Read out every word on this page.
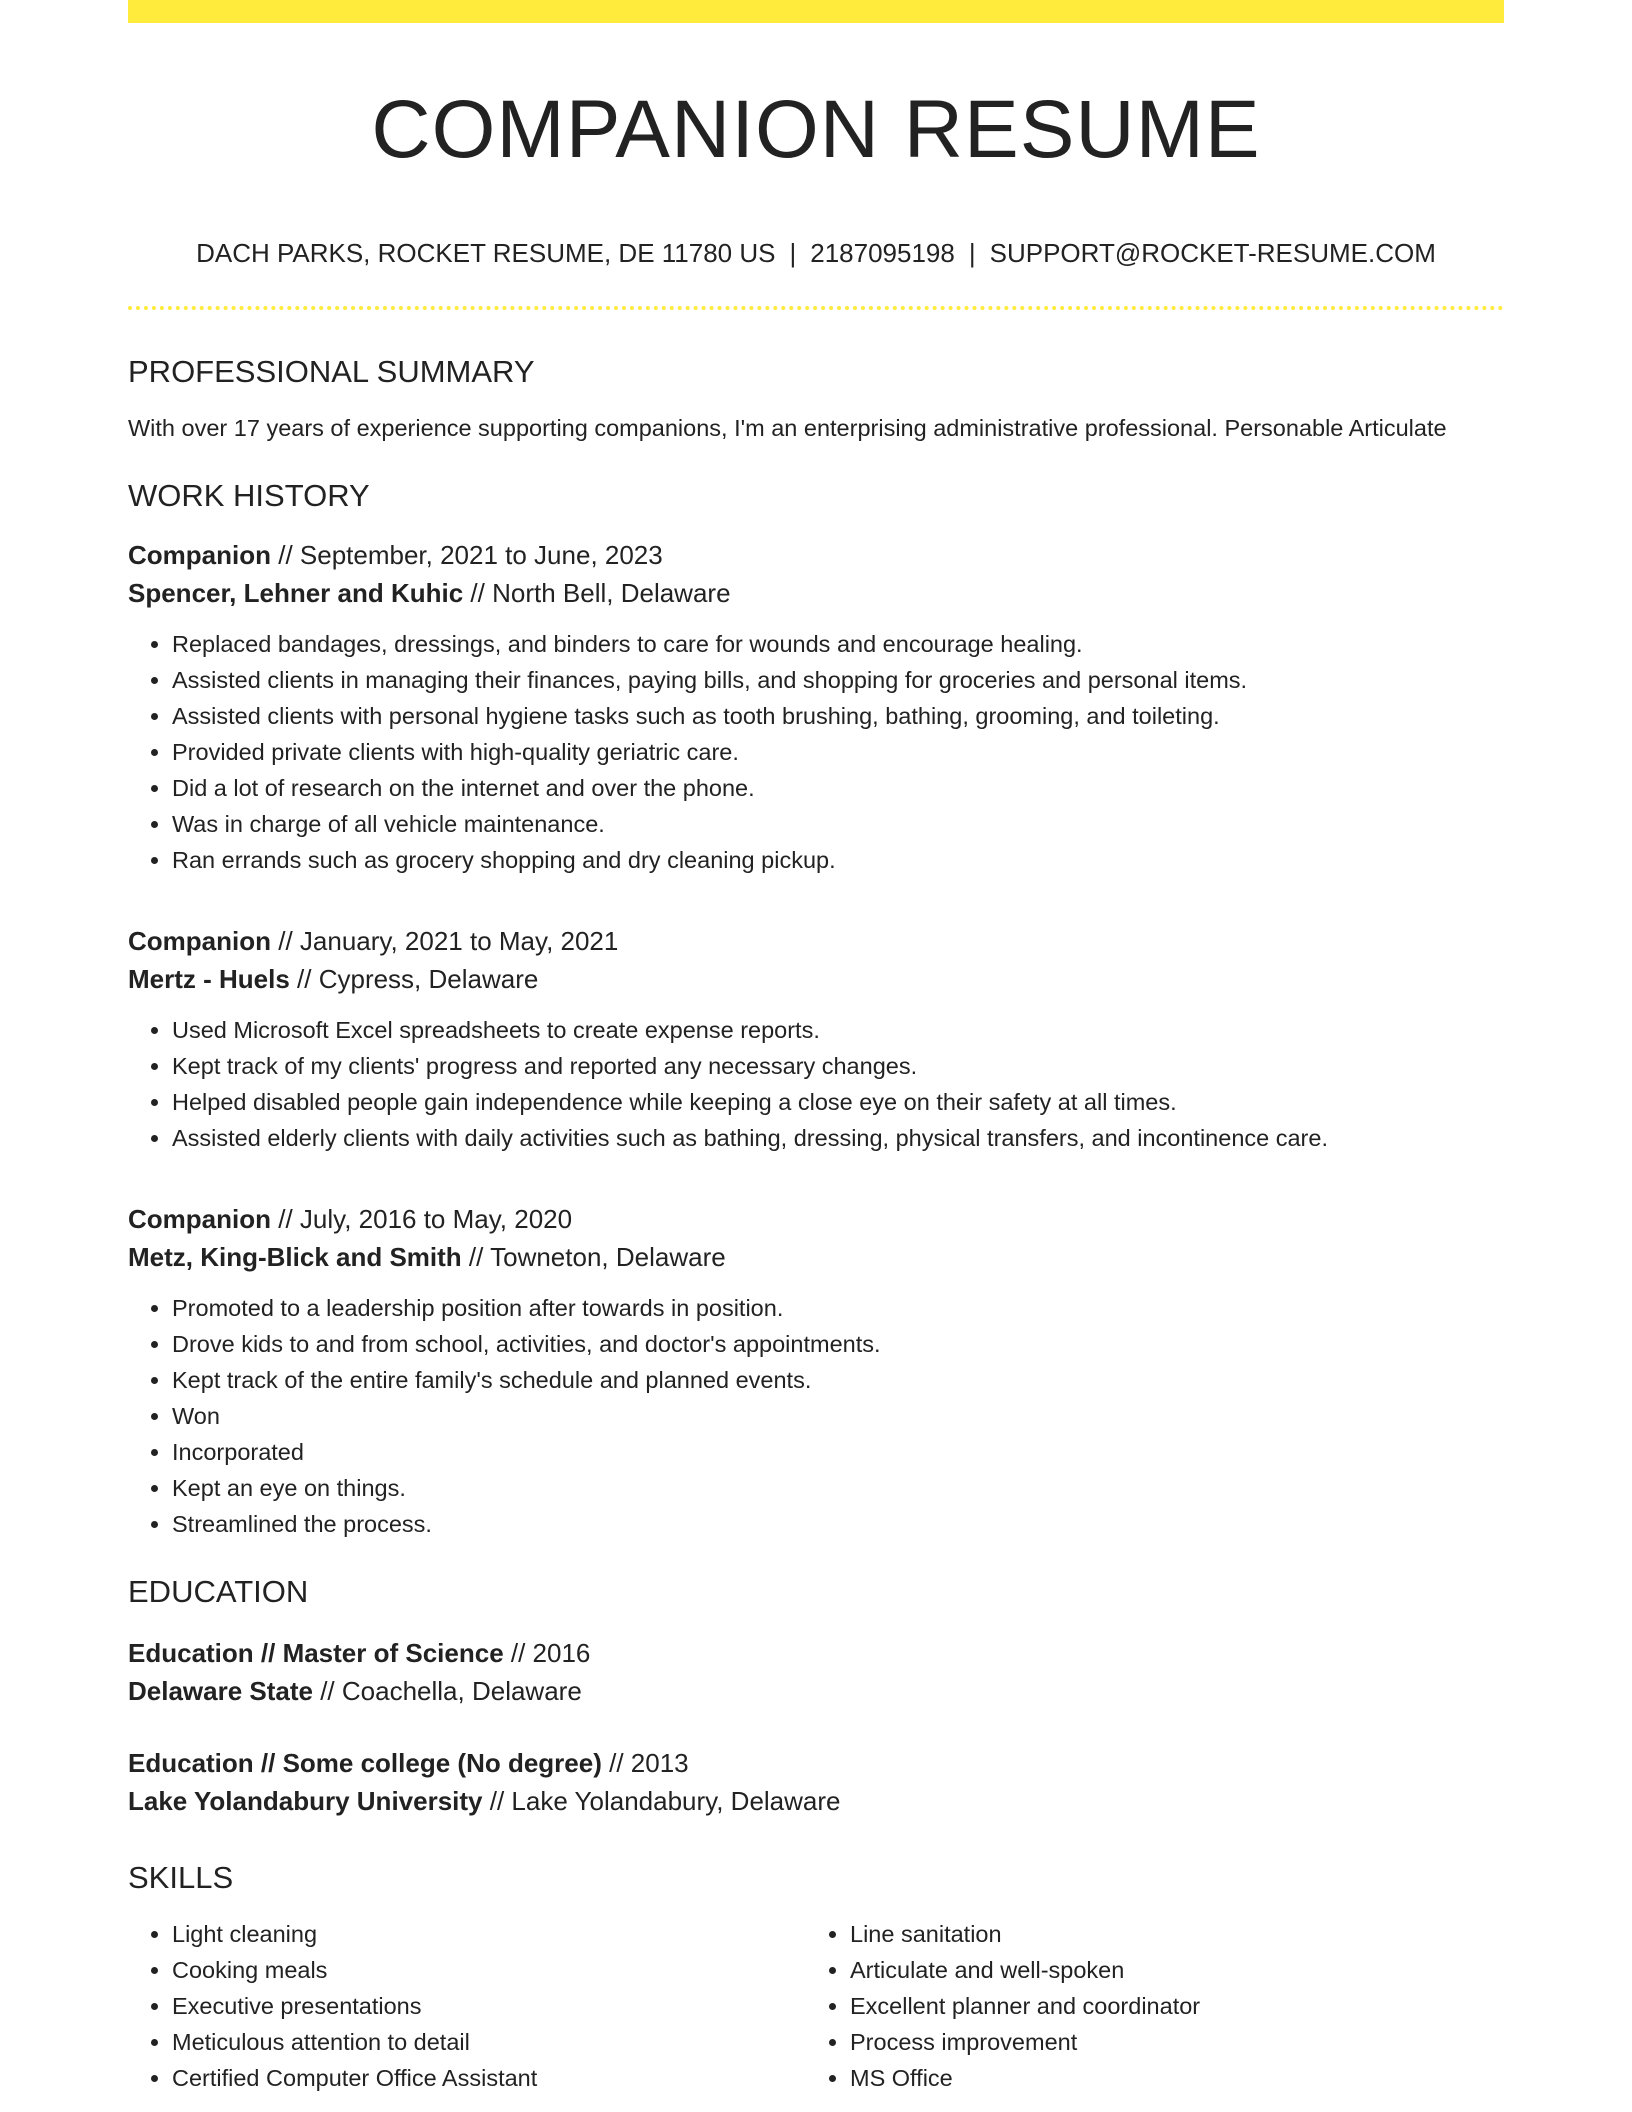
COMPANION RESUME
DACH PARKS, ROCKET RESUME, DE 11780 US | 2187095198 | SUPPORT@ROCKET-RESUME.COM
PROFESSIONAL SUMMARY
With over 17 years of experience supporting companions, I'm an enterprising administrative professional. Personable Articulate
WORK HISTORY
Companion // September, 2021 to June, 2023
Spencer, Lehner and Kuhic // North Bell, Delaware
• Replaced bandages, dressings, and binders to care for wounds and encourage healing.
• Assisted clients in managing their finances, paying bills, and shopping for groceries and personal items.
• Assisted clients with personal hygiene tasks such as tooth brushing, bathing, grooming, and toileting.
• Provided private clients with high-quality geriatric care.
• Did a lot of research on the internet and over the phone.
• Was in charge of all vehicle maintenance.
• Ran errands such as grocery shopping and dry cleaning pickup.
Companion // January, 2021 to May, 2021
Mertz - Huels // Cypress, Delaware
• Used Microsoft Excel spreadsheets to create expense reports.
• Kept track of my clients' progress and reported any necessary changes.
• Helped disabled people gain independence while keeping a close eye on their safety at all times.
• Assisted elderly clients with daily activities such as bathing, dressing, physical transfers, and incontinence care.
Companion // July, 2016 to May, 2020
Metz, King-Blick and Smith // Towneton, Delaware
• Promoted to a leadership position after towards in position.
• Drove kids to and from school, activities, and doctor's appointments.
• Kept track of the entire family's schedule and planned events.
• Won
• Incorporated
• Kept an eye on things.
• Streamlined the process.
EDUCATION
Education // Master of Science // 2016
Delaware State // Coachella, Delaware
Education // Some college (No degree) // 2013
Lake Yolandabury University // Lake Yolandabury, Delaware
SKILLS
• Light cleaning
• Cooking meals
• Executive presentations
• Meticulous attention to detail
• Certified Computer Office Assistant
• Line sanitation
• Articulate and well-spoken
• Excellent planner and coordinator
• Process improvement
• MS Office
